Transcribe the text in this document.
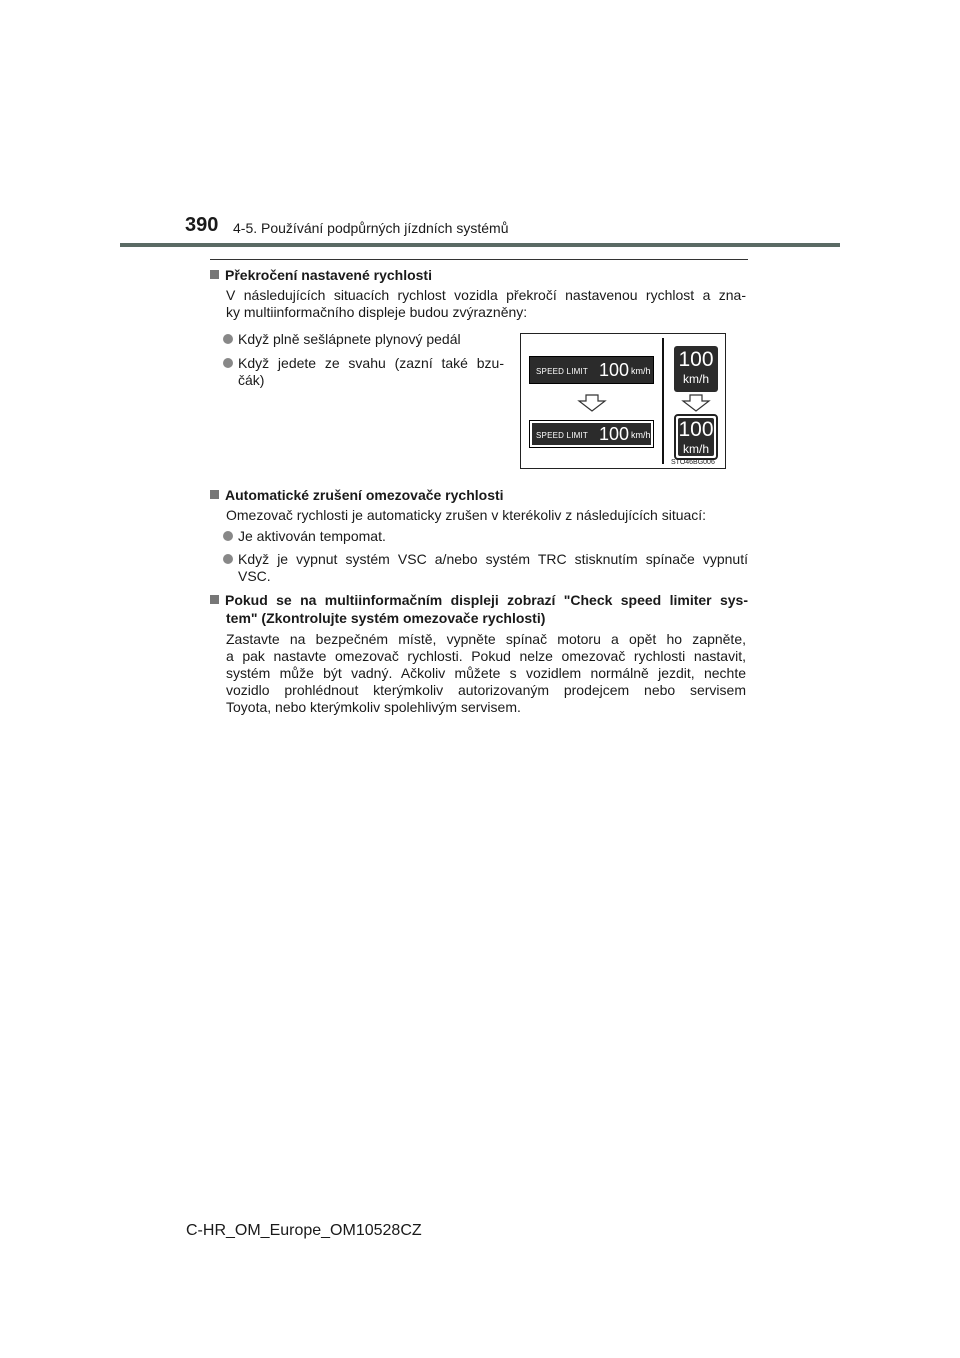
390 4-5. Používání podpůrných jízdních systémů
Překročení nastavené rychlosti
V následujících situacích rychlost vozidla překročí nastavenou rychlost a zna-
ky multiinformačního displeje budou zvýrazněny:
Když plně sešlápnete plynový pedál
Když jedete ze svahu (zazní také bzu-
čák)
SPEED LIMIT 100 km/h
SPEED LIMIT 100 km/h
100
km/h
100
km/h
STO46BG006
Automatické zrušení omezovače rychlosti
Omezovač rychlosti je automaticky zrušen v kterékoliv z následujících situací:
Je aktivován tempomat.
Když je vypnut systém VSC a/nebo systém TRC stisknutím spínače vypnutí
VSC.
Pokud se na multiinformačním displeji zobrazí "Check speed limiter sys-
tem" (Zkontrolujte systém omezovače rychlosti)
Zastavte na bezpečném místě, vypněte spínač motoru a opět ho zapněte,
a pak nastavte omezovač rychlosti. Pokud nelze omezovač rychlosti nastavit,
systém může být vadný. Ačkoliv můžete s vozidlem normálně jezdit, nechte
vozidlo prohlédnout kterýmkoliv autorizovaným prodejcem nebo servisem
Toyota, nebo kterýmkoliv spolehlivým servisem.
C-HR_OM_Europe_OM10528CZ
